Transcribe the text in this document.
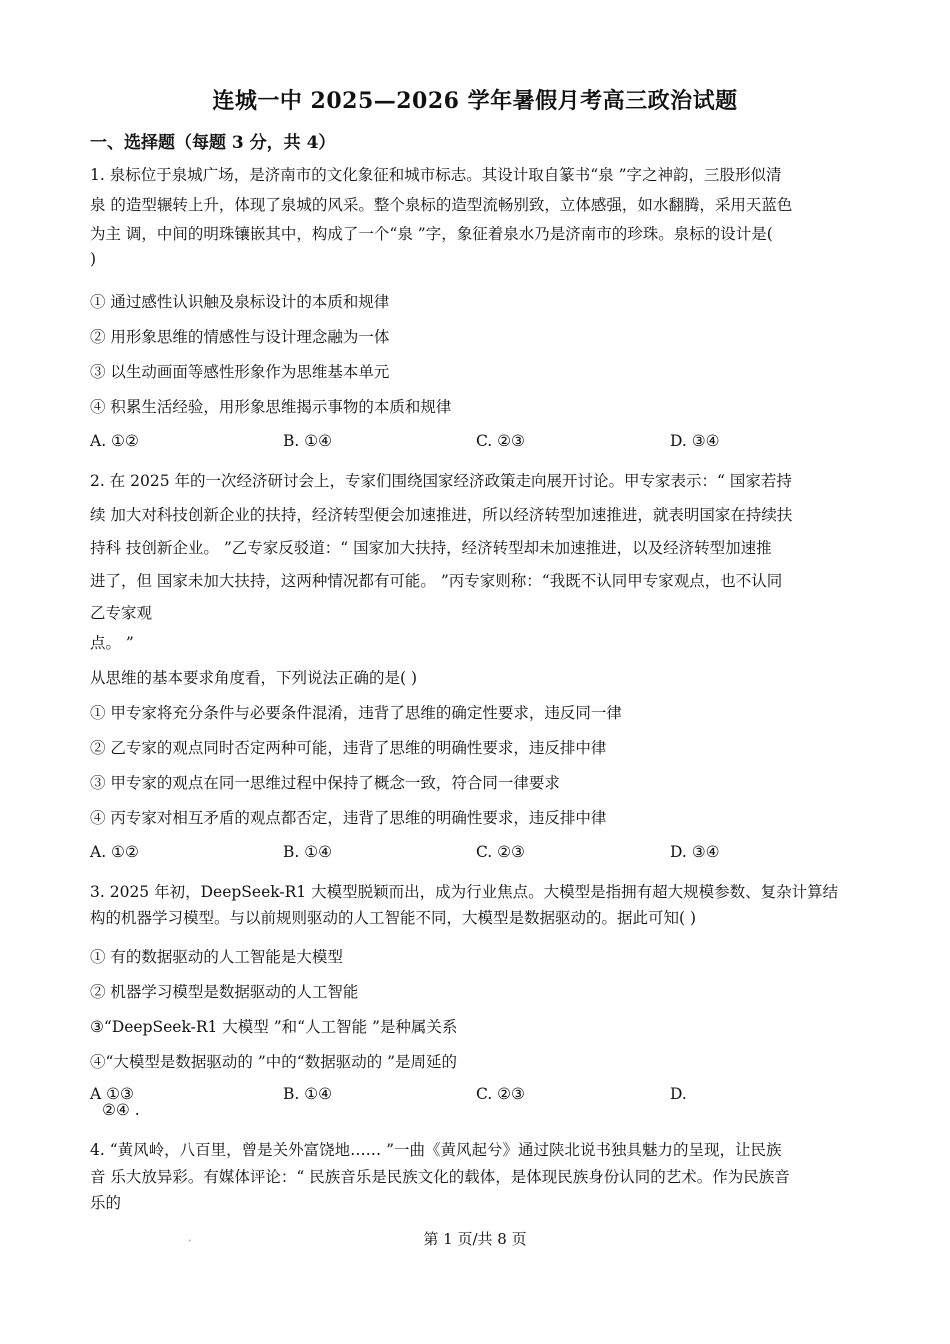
连城一中 2025—2026 学年暑假月考高三政治试题
一、选择题（每题 3 分，共 4）
1. 泉标位于泉城广场，是济南市的文化象征和城市标志。其设计取自篆书“泉 ”字之神韵，三股形似清
泉 的造型辗转上升，体现了泉城的风采。整个泉标的造型流畅别致，立体感强，如水翻腾，采用天蓝色
为主 调，中间的明珠镶嵌其中，构成了一个“泉 ”字，象征着泉水乃是济南市的珍珠。泉标的设计是(
)
① 通过感性认识触及泉标设计的本质和规律
② 用形象思维的情感性与设计理念融为一体
③ 以生动画面等感性形象作为思维基本单元
④ 积累生活经验，用形象思维揭示事物的本质和规律
A. ①②	B. ①④	C. ②③	D. ③④
2. 在 2025 年的一次经济研讨会上，专家们围绕国家经济政策走向展开讨论。甲专家表示：“ 国家若持
续 加大对科技创新企业的扶持，经济转型便会加速推进，所以经济转型加速推进，就表明国家在持续扶
持科 技创新企业。 ”乙专家反驳道：“ 国家加大扶持，经济转型却未加速推进，以及经济转型加速推
进了，但 国家未加大扶持，这两种情况都有可能。 ”丙专家则称：“我既不认同甲专家观点，也不认同
乙专家观
点。 ”
从思维的基本要求角度看，下列说法正确的是( )
① 甲专家将充分条件与必要条件混淆，违背了思维的确定性要求，违反同一律
② 乙专家的观点同时否定两种可能，违背了思维的明确性要求，违反排中律
③ 甲专家的观点在同一思维过程中保持了概念一致，符合同一律要求
④ 丙专家对相互矛盾的观点都否定，违背了思维的明确性要求，违反排中律
A. ①②	B. ①④	C. ②③	D. ③④
3. 2025 年初，DeepSeek-R1 大模型脱颖而出，成为行业焦点。大模型是指拥有超大规模参数、复杂计算结
构的机器学习模型。与以前规则驱动的人工智能不同，大模型是数据驱动的。据此可知( )
① 有的数据驱动的人工智能是大模型
② 机器学习模型是数据驱动的人工智能
③“DeepSeek-R1 大模型 ”和“人工智能 ”是种属关系
④“大模型是数据驱动的 ”中的“数据驱动的 ”是周延的
A ①③	B. ①④	C. ②③	D.
②④ .
4. “黄风岭，八百里，曾是关外富饶地…… ”一曲《黄风起兮》通过陕北说书独具魅力的呈现，让民族
音 乐大放异彩。有媒体评论：“ 民族音乐是民族文化的载体，是体现民族身份认同的艺术。作为民族音
乐的
•	第 1 页/共 8 页
